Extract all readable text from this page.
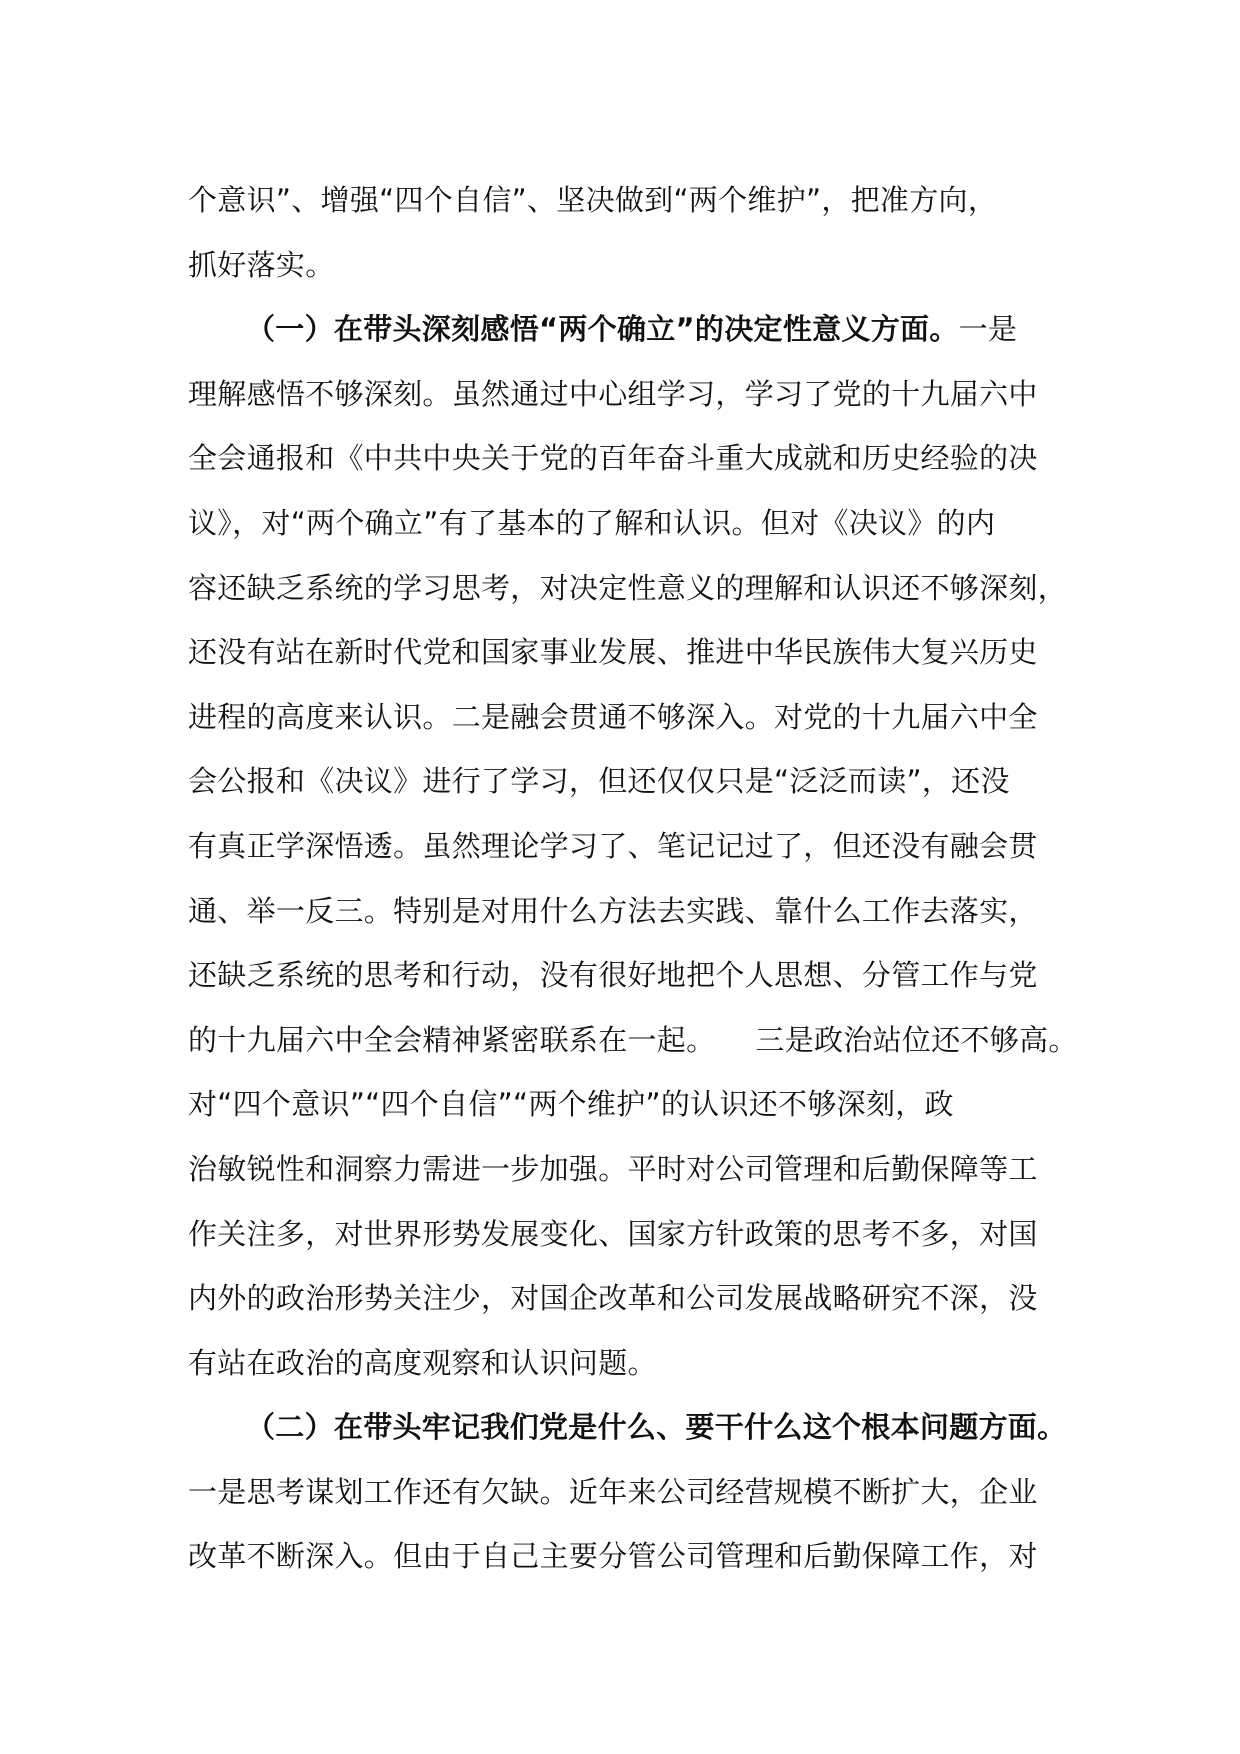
个意识”、增强“四个自信”、坚决做到“两个维护”，把准方向，
抓好落实。
（一）在带头深刻感悟“两个确立”的决定性意义方面。一是
理解感悟不够深刻。虽然通过中心组学习，学习了党的十九届六中
全会通报和《中共中央关于党的百年奋斗重大成就和历史经验的决
议》，对“两个确立”有了基本的了解和认识。但对《决议》的内
容还缺乏系统的学习思考，对决定性意义的理解和认识还不够深刻，
还没有站在新时代党和国家事业发展、推进中华民族伟大复兴历史
进程的高度来认识。二是融会贯通不够深入。对党的十九届六中全
会公报和《决议》进行了学习，但还仅仅只是“泛泛而读”，还没
有真正学深悟透。虽然理论学习了、笔记记过了，但还没有融会贯
通、举一反三。特别是对用什么方法去实践、靠什么工作去落实，
还缺乏系统的思考和行动，没有很好地把个人思想、分管工作与党
的十九届六中全会精神紧密联系在一起。 三是政治站位还不够高。
对“四个意识”“四个自信”“两个维护”的认识还不够深刻，政
治敏锐性和洞察力需进一步加强。平时对公司管理和后勤保障等工
作关注多，对世界形势发展变化、国家方针政策的思考不多，对国
内外的政治形势关注少，对国企改革和公司发展战略研究不深，没
有站在政治的高度观察和认识问题。
（二）在带头牢记我们党是什么、要干什么这个根本问题方面。
一是思考谋划工作还有欠缺。近年来公司经营规模不断扩大，企业
改革不断深入。但由于自己主要分管公司管理和后勤保障工作，对
